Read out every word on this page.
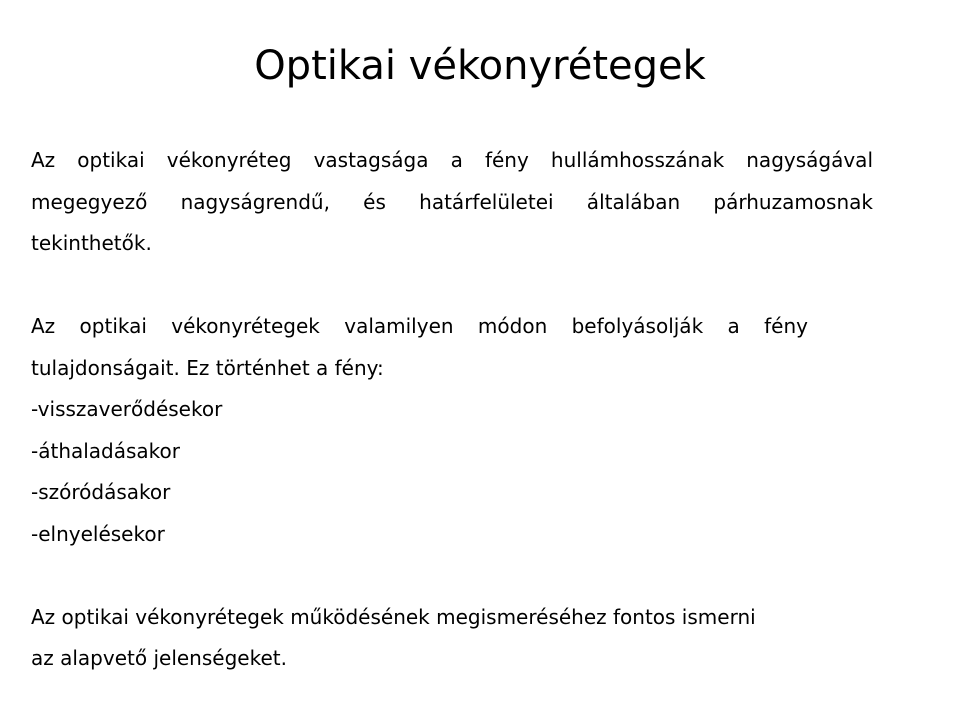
Optikai vékonyrétegek
Az optikai vékonyréteg vastagsága a fény hullámhosszának nagyságával
megegyező nagyságrendű, és határfelületei általában párhuzamosnak
tekinthetők.
Az optikai vékonyrétegek valamilyen módon befolyásolják a fény
tulajdonságait. Ez történhet a fény:
-visszaverődésekor
-áthaladásakor
-szóródásakor
-elnyelésekor
Az optikai vékonyrétegek működésének megismeréséhez fontos ismerni
az alapvető jelenségeket.
